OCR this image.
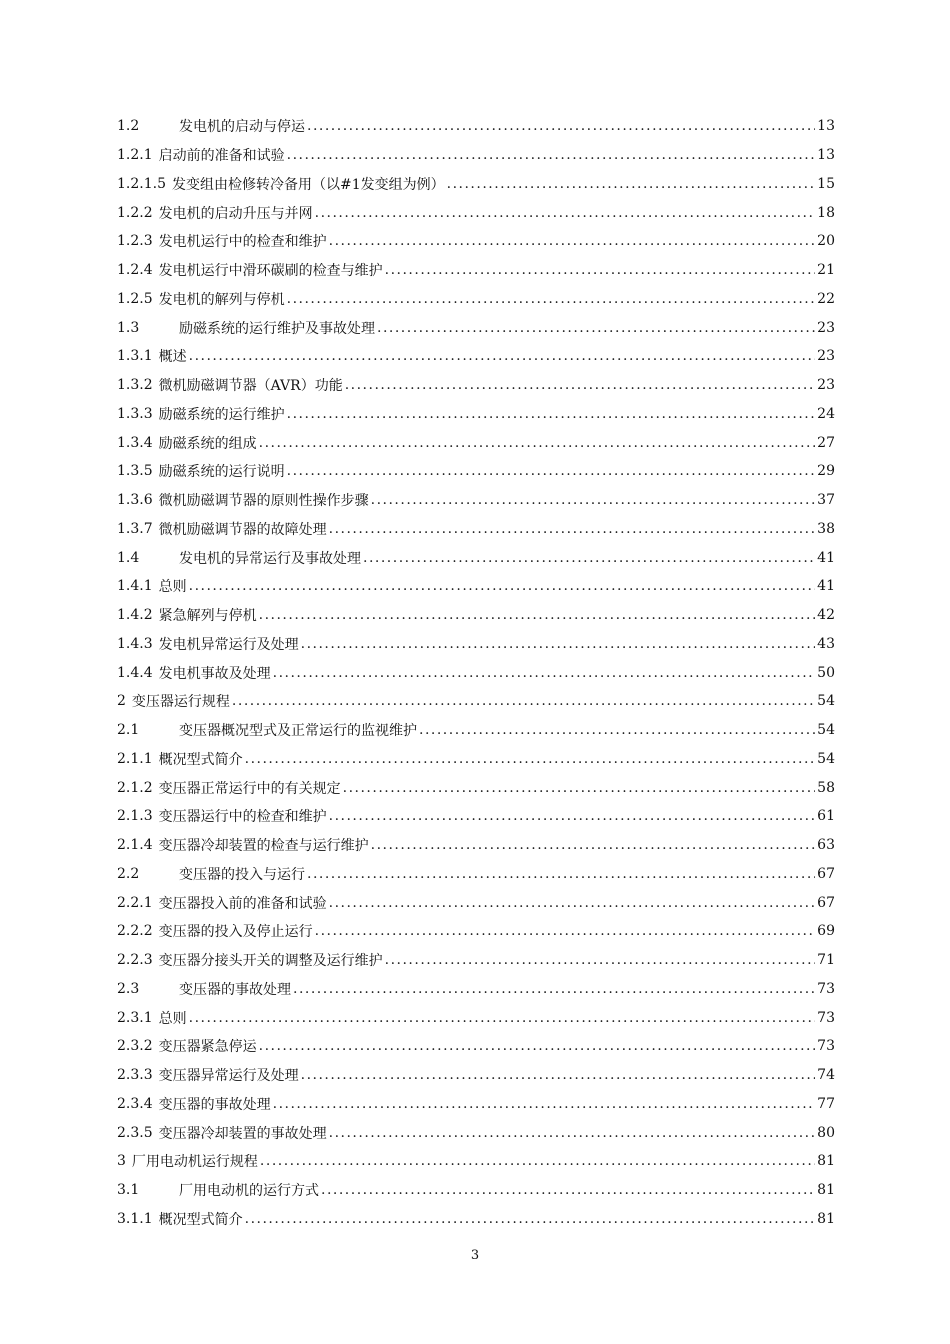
1.2	发电机的启动与停运 .....	13
1.2.1 启动前的准备和试验 .....	13
1.2.1.5 发变组由检修转冷备用（以#1发变组为例） .....	15
1.2.2 发电机的启动升压与并网 .....	18
1.2.3 发电机运行中的检查和维护 .....	20
1.2.4 发电机运行中滑环碳刷的检查与维护 .....	21
1.2.5 发电机的解列与停机 .....	22
1.3	励磁系统的运行维护及事故处理 .....	23
1.3.1 概述 .....	23
1.3.2 微机励磁调节器（AVR）功能 .....	23
1.3.3 励磁系统的运行维护 .....	24
1.3.4 励磁系统的组成 .....	27
1.3.5 励磁系统的运行说明 .....	29
1.3.6 微机励磁调节器的原则性操作步骤 .....	37
1.3.7 微机励磁调节器的故障处理 .....	38
1.4	发电机的异常运行及事故处理 .....	41
1.4.1 总则 .....	41
1.4.2 紧急解列与停机 .....	42
1.4.3 发电机异常运行及处理 .....	43
1.4.4 发电机事故及处理 .....	50
2 变压器运行规程 .....	54
2.1	变压器概况型式及正常运行的监视维护 .....	54
2.1.1 概况型式简介 .....	54
2.1.2 变压器正常运行中的有关规定 .....	58
2.1.3 变压器运行中的检查和维护 .....	61
2.1.4 变压器冷却装置的检查与运行维护 .....	63
2.2	变压器的投入与运行 .....	67
2.2.1 变压器投入前的准备和试验 .....	67
2.2.2 变压器的投入及停止运行 .....	69
2.2.3 变压器分接头开关的调整及运行维护 .....	71
2.3	变压器的事故处理 .....	73
2.3.1 总则 .....	73
2.3.2 变压器紧急停运 .....	73
2.3.3 变压器异常运行及处理 .....	74
2.3.4 变压器的事故处理 .....	77
2.3.5 变压器冷却装置的事故处理 .....	80
3 厂用电动机运行规程 .....	81
3.1	厂用电动机的运行方式 .....	81
3.1.1 概况型式简介 .....	81
3
